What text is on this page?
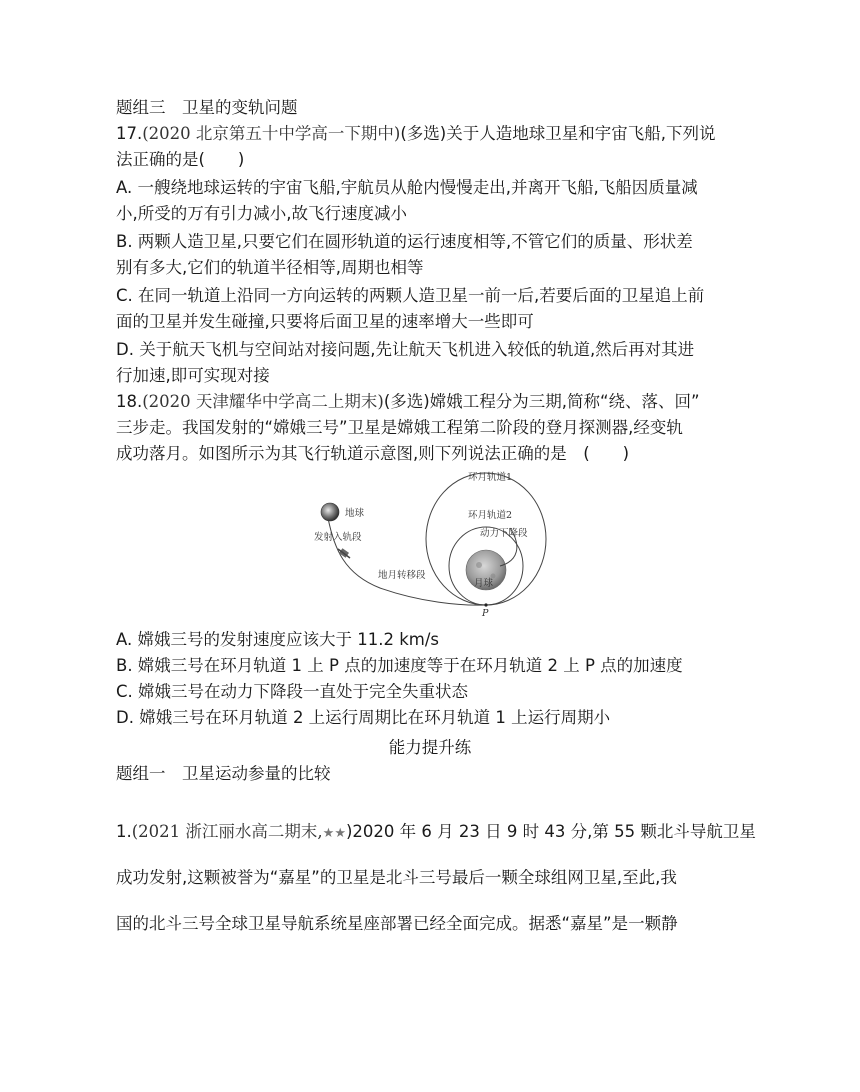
题组三　卫星的变轨问题
17.(2020 北京第五十中学高一下期中)(多选)关于人造地球卫星和宇宙飞船,下列说
法正确的是(　　)
A. 一艘绕地球运转的宇宙飞船,宇航员从舱内慢慢走出,并离开飞船,飞船因质量减
小,所受的万有引力减小,故飞行速度减小
B. 两颗人造卫星,只要它们在圆形轨道的运行速度相等,不管它们的质量、形状差
别有多大,它们的轨道半径相等,周期也相等
C. 在同一轨道上沿同一方向运转的两颗人造卫星一前一后,若要后面的卫星追上前
面的卫星并发生碰撞,只要将后面卫星的速率增大一些即可
D. 关于航天飞机与空间站对接问题,先让航天飞机进入较低的轨道,然后再对其进
行加速,即可实现对接
18.(2020 天津耀华中学高二上期末)(多选)嫦娥工程分为三期,简称“绕、落、回”
三步走。我国发射的“嫦娥三号”卫星是嫦娥工程第二阶段的登月探测器,经变轨
成功落月。如图所示为其飞行轨道示意图,则下列说法正确的是　(　　)
地球
发射入轨段
地月转移段
环月轨道1
环月轨道2
动力下降段
月球
P
A. 嫦娥三号的发射速度应该大于 11.2 km/s
B. 嫦娥三号在环月轨道 1 上 P 点的加速度等于在环月轨道 2 上 P 点的加速度
C. 嫦娥三号在动力下降段一直处于完全失重状态
D. 嫦娥三号在环月轨道 2 上运行周期比在环月轨道 1 上运行周期小
能力提升练
题组一　卫星运动参量的比较
1.(2021 浙江丽水高二期末,★★)2020 年 6 月 23 日 9 时 43 分,第 55 颗北斗导航卫星
成功发射,这颗被誉为“嘉星”的卫星是北斗三号最后一颗全球组网卫星,至此,我
国的北斗三号全球卫星导航系统星座部署已经全面完成。据悉“嘉星”是一颗静
